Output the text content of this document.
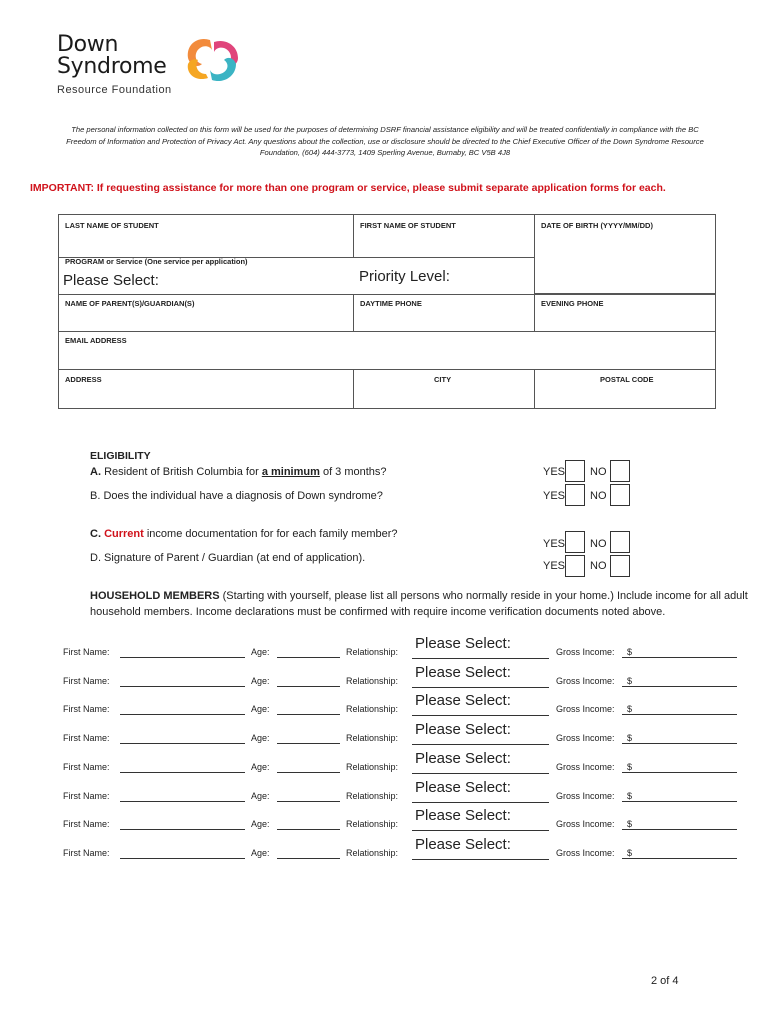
Down
Syndrome
Resource Foundation
The personal information collected on this form will be used for the purposes of determining DSRF financial assistance eligibility and will be treated confidentially in compliance with the BC Freedom of Information and Protection of Privacy Act. Any questions about the collection, use or disclosure should be directed to the Chief Executive Officer of the Down Syndrome Resource Foundation, (604) 444-3773, 1409 Sperling Avenue, Burnaby, BC V5B 4J8
IMPORTANT: If requesting assistance for more than one program or service, please submit separate application forms for each.
LAST NAME OF STUDENT	FIRST NAME OF STUDENT	DATE OF BIRTH (YYYY/MM/DD)
PROGRAM or Service (One service per application)
Please Select:	Priority Level:
NAME OF PARENT(S)/GUARDIAN(S)	DAYTIME PHONE	EVENING PHONE
EMAIL ADDRESS
ADDRESS	CITY	POSTAL CODE
ELIGIBILITY
A. Resident of British Columbia for a minimum of 3 months?
B. Does the individual have a diagnosis of Down syndrome?
C. Current income documentation for for each family member?
D. Signature of Parent / Guardian (at end of application).
YES NO
YES NO
YES NO
YES NO
HOUSEHOLD MEMBERS (Starting with yourself, please list all persons who normally reside in your home.) Include income for all adult household members. Income declarations must be confirmed with require income verification documents noted above.
First Name:	Age:	Relationship: Please Select:	Gross Income: $
First Name:	Age:	Relationship: Please Select:	Gross Income: $
First Name:	Age:	Relationship: Please Select:	Gross Income: $
First Name:	Age:	Relationship: Please Select:	Gross Income: $
First Name:	Age:	Relationship: Please Select:	Gross Income: $
First Name:	Age:	Relationship: Please Select:	Gross Income: $
First Name:	Age:	Relationship: Please Select:	Gross Income: $
First Name:	Age:	Relationship: Please Select:	Gross Income: $
2 of 4
